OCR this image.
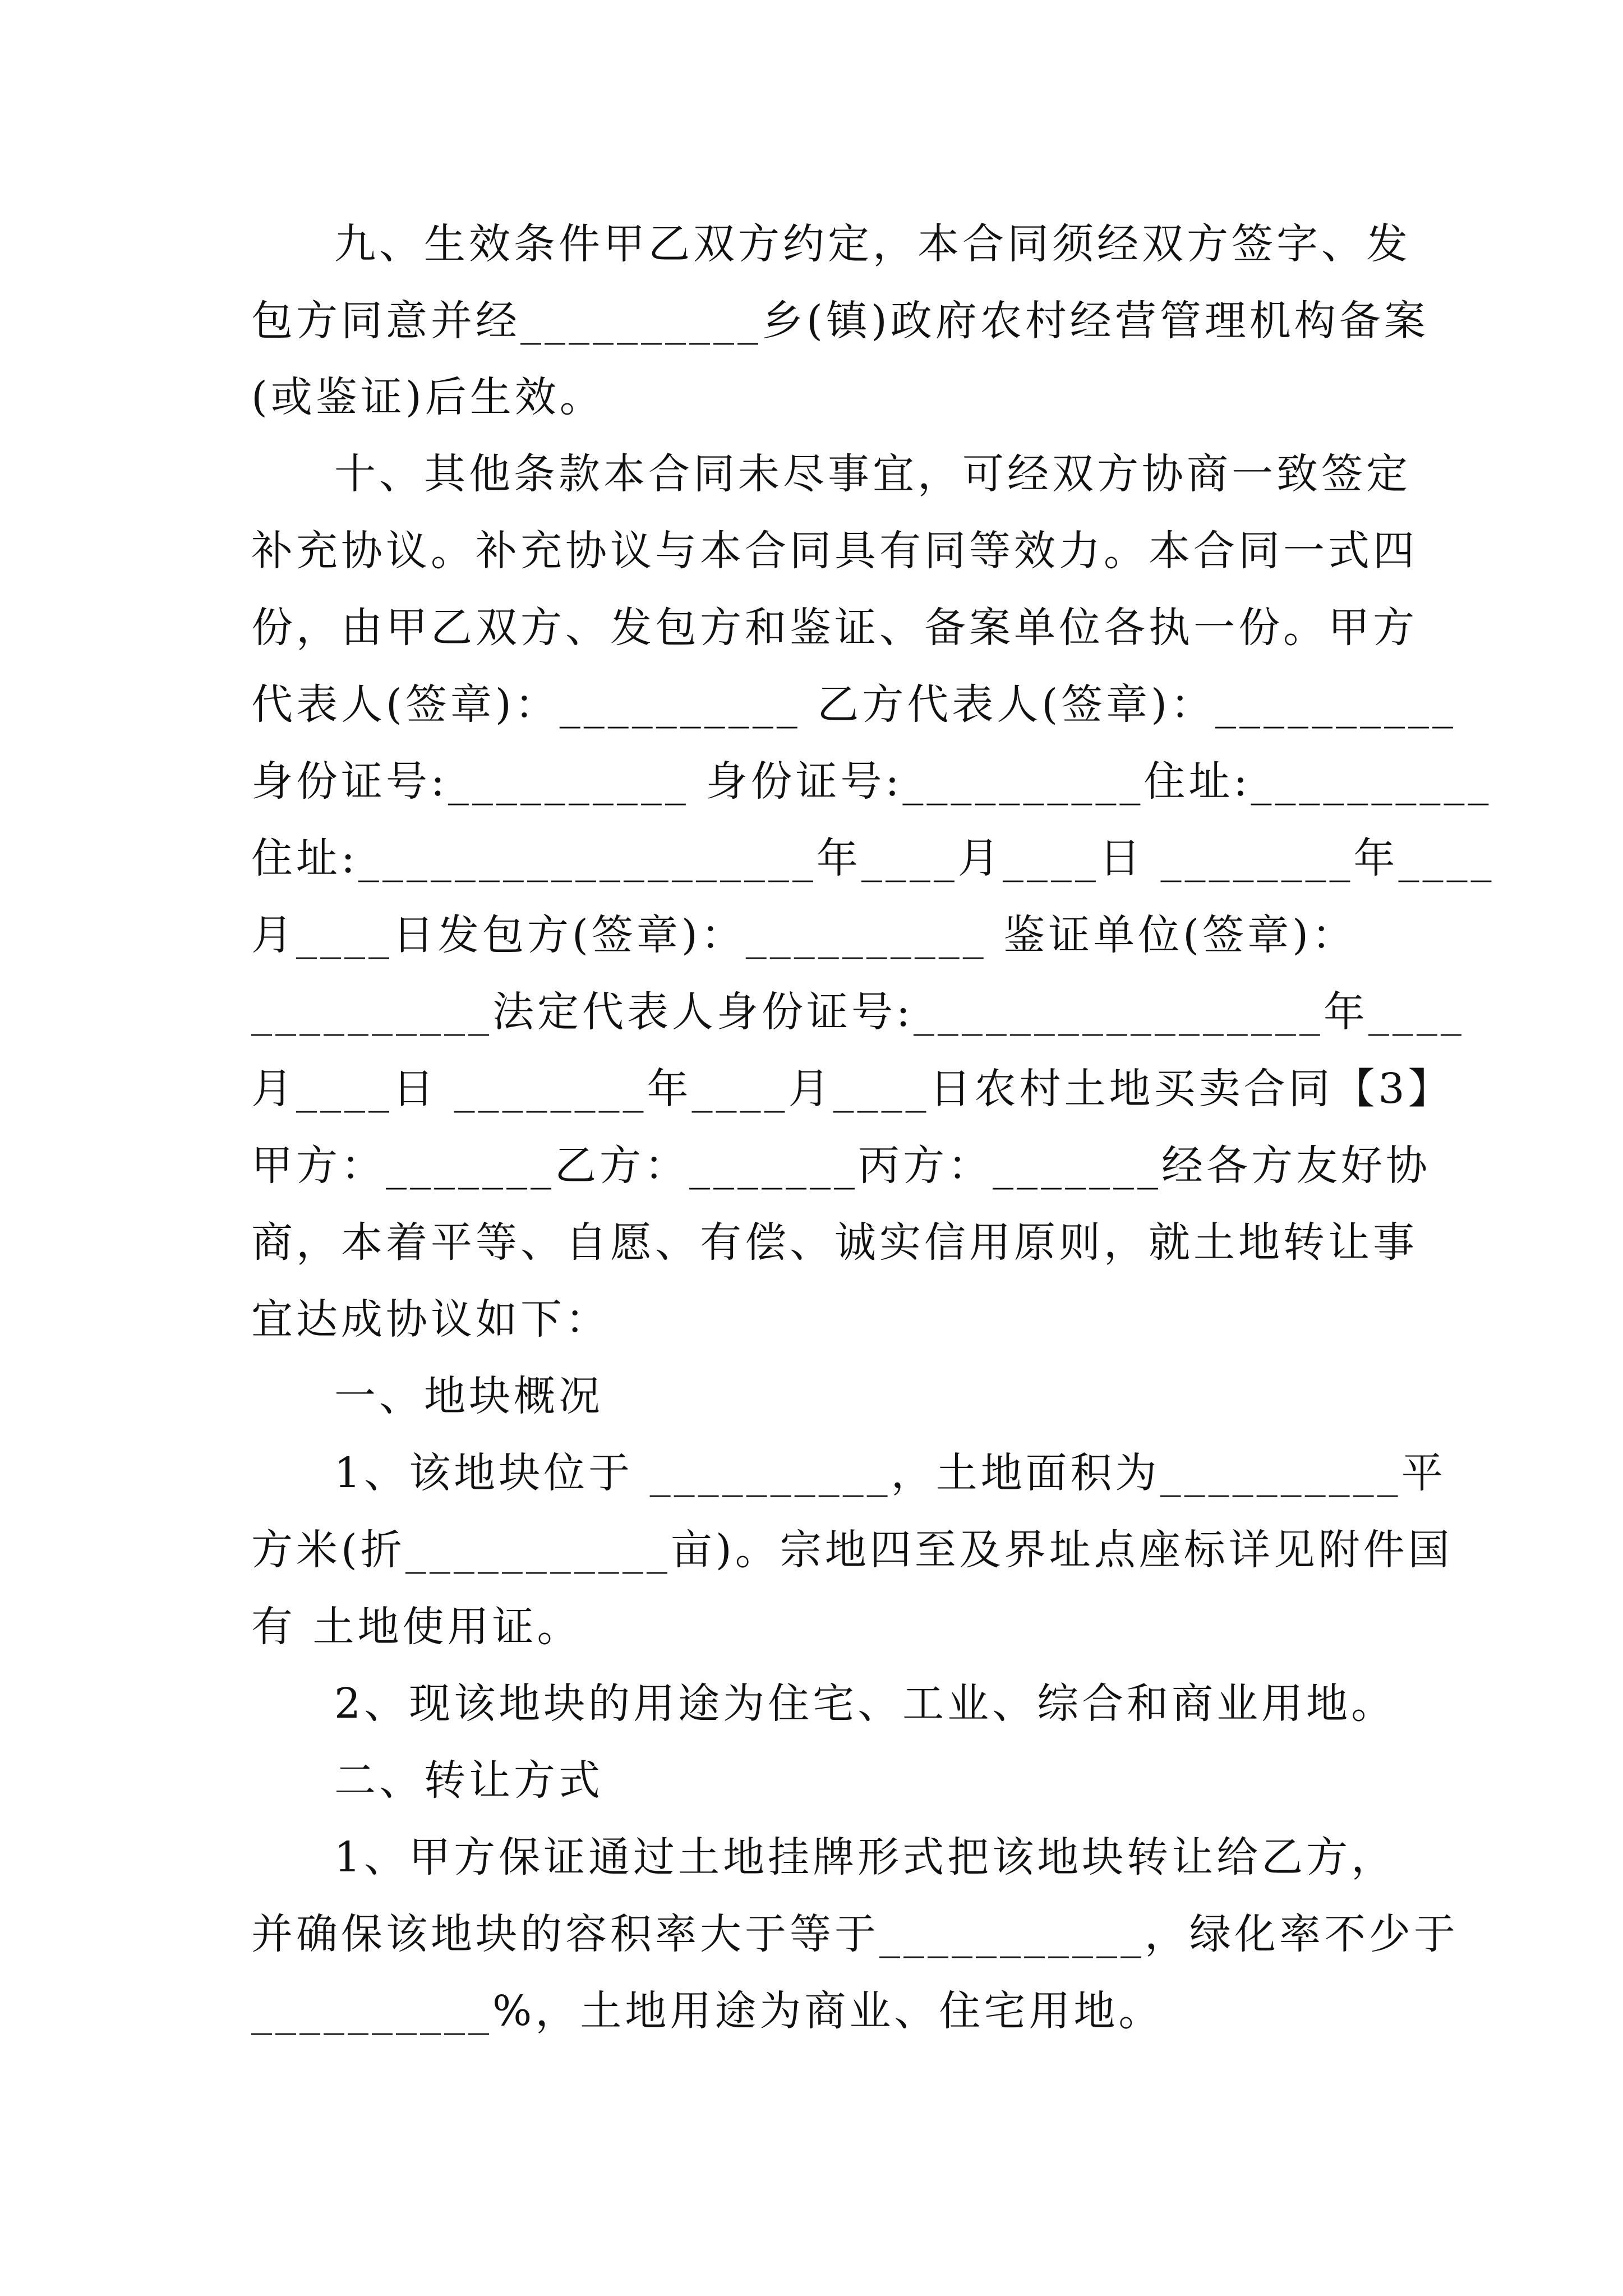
九、生效条件甲乙双方约定，本合同须经双方签字、发
包方同意并经__________乡(镇)政府农村经营管理机构备案
(或鉴证)后生效。
十、其他条款本合同未尽事宜，可经双方协商一致签定
补充协议。补充协议与本合同具有同等效力。本合同一式四
份，由甲乙双方、发包方和鉴证、备案单位各执一份。甲方
代表人(签章)：__________ 乙方代表人(签章)：__________
身份证号:__________ 身份证号:__________住址:__________
住址:___________________年____月____日 ________年____
月____日发包方(签章)：__________ 鉴证单位(签章)：
__________法定代表人身份证号:_________________年____
月____日 ________年____月____日农村土地买卖合同【3】
甲方：_______乙方：_______丙方：_______经各方友好协
商，本着平等、自愿、有偿、诚实信用原则，就土地转让事
宜达成协议如下：
一、地块概况
1、该地块位于 __________，土地面积为__________平
方米(折___________亩)。宗地四至及界址点座标详见附件国
有 土地使用证。
2、现该地块的用途为住宅、工业、综合和商业用地。
二、转让方式
1、甲方保证通过土地挂牌形式把该地块转让给乙方，
并确保该地块的容积率大于等于___________，绿化率不少于
__________%，土地用途为商业、住宅用地。
